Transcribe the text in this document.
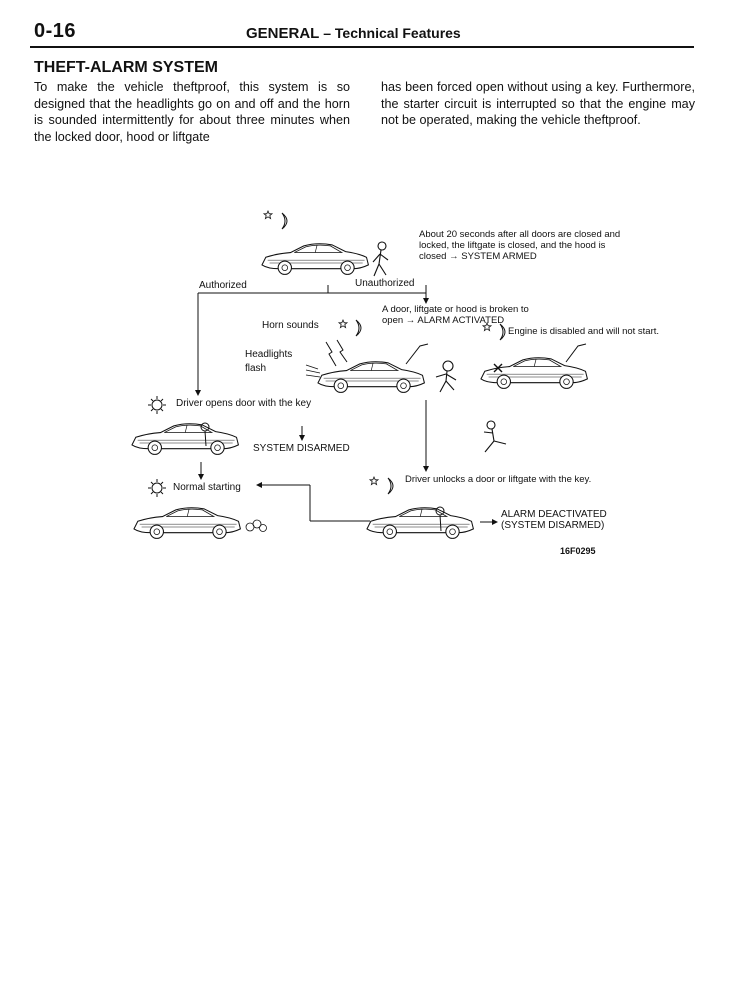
0-16	GENERAL – Technical Features
THEFT-ALARM SYSTEM
To make the vehicle theftproof, this system is so designed that the headlights go on and off and the horn is sounded intermittently for about three minutes when the locked door, hood or liftgate
has been forced open without using a key. Furthermore, the starter circuit is interrupted so that the engine may not be operated, making the vehicle theftproof.
About 20 seconds after all doors are closed and
locked, the liftgate is closed, and the hood is
closed → SYSTEM ARMED
Authorized	Unauthorized
A door, liftgate or hood is broken to
open → ALARM ACTIVATED
Horn sounds
Engine is disabled and will not start.
Headlights
flash
Driver opens door with the key
SYSTEM DISARMED
Normal starting
Driver unlocks a door or liftgate with the key.
ALARM DEACTIVATED
(SYSTEM DISARMED)
16F0295
